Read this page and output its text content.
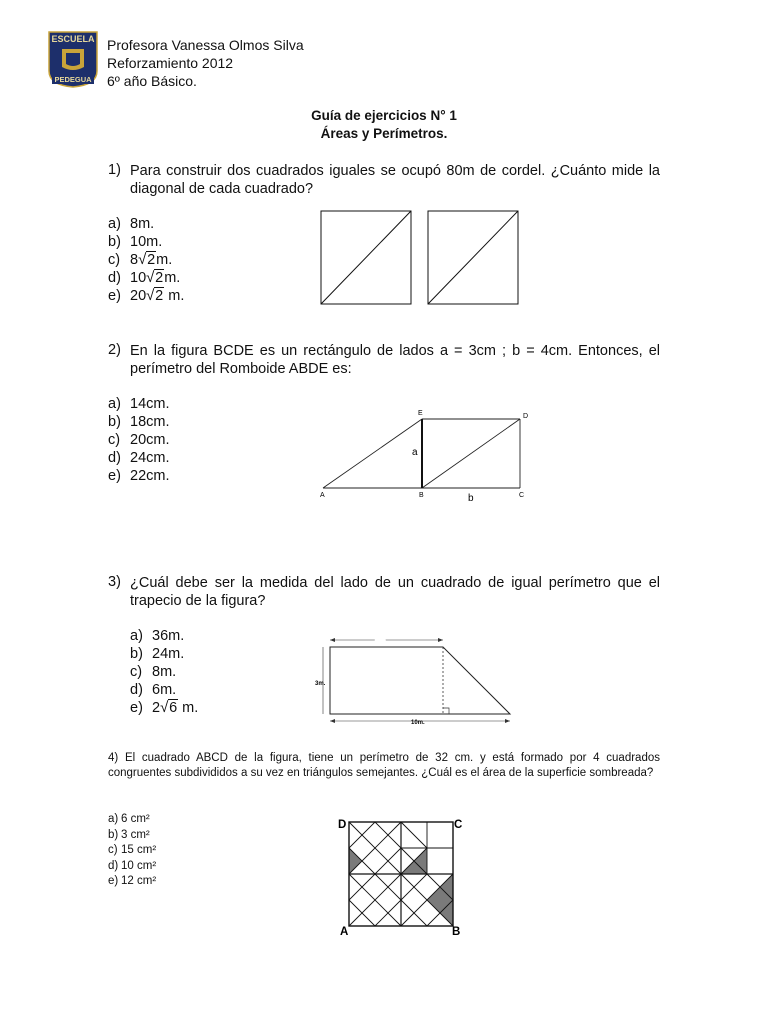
ESCUELA
PEDEGUA
Profesora Vanessa Olmos Silva
Reforzamiento 2012
6º año Básico.
Guía de ejercicios N° 1
Áreas y Perímetros.
1) Para construir dos cuadrados iguales se ocupó 80m de cordel. ¿Cuánto mide la diagonal de cada cuadrado?
a) 8m.
b) 10m.
c) 8 √ 2m.
d) 10 √ 2m.
e) 20 √ 2 m.
2) En la figura BCDE es un rectángulo de lados a = 3cm ; b = 4cm. Entonces, el perímetro del Romboide ABDE es:
a) 14cm.
b) 18cm.
c) 20cm.
d) 24cm.
e) 22cm.
E	D
A	B	C
a
b
3) ¿Cuál debe ser la medida del lado de un cuadrado de igual perímetro que el trapecio de la figura?
a) 36m.
b) 24m.
c) 8m.
d) 6m.
e) 2 √ 6 m.
6m.
3m.
10m.
4) El cuadrado ABCD de la figura, tiene un perímetro de 32 cm. y está formado por 4 cuadrados congruentes subdivididos a su vez en triángulos semejantes. ¿Cuál es el área de la superficie sombreada?
a) 6 cm²
b) 3 cm²
c) 15 cm²
d) 10 cm²
e) 12 cm²
D	C
A	B
